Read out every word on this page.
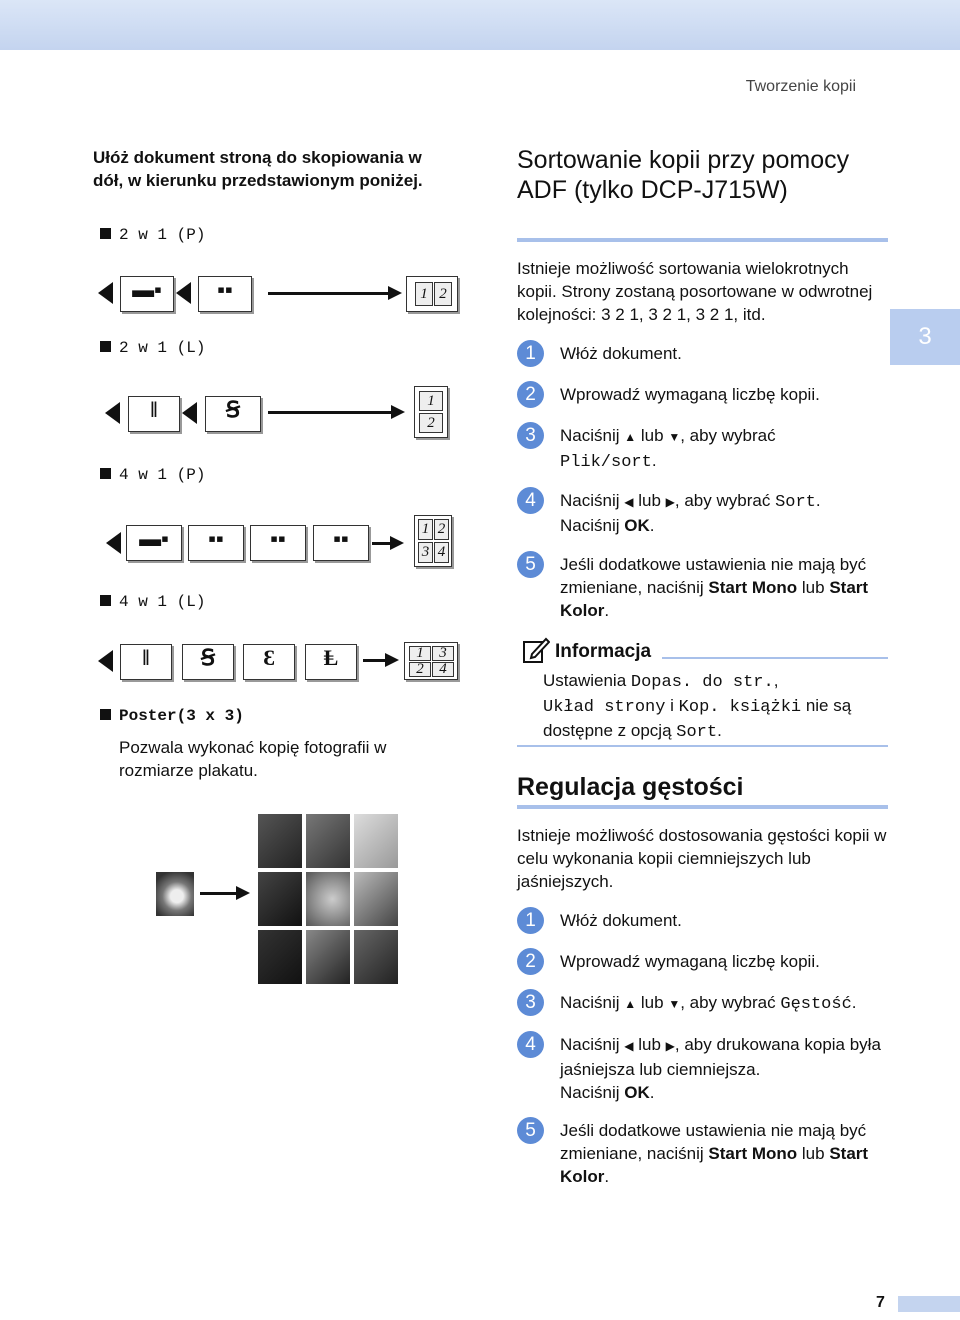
Tworzenie kopii
3
Ułóż dokument stroną do skopiowania w dół, w kierunku przedstawionym poniżej.
2 w 1 (P)
▬▪	▪▪	1 2
2 w 1 (L)
ǁ	Ꞩ	1
2
4 w 1 (P)
▬▪	▪▪	▪▪	▪▪	1 2
3 4
4 w 1 (L)
ǁ	Ꞩ	Ɛ	Ⱡ	1	3
2	4
Poster(3 x 3)
Pozwala wykonać kopię fotografii w rozmiarze plakatu.
Sortowanie kopii przy pomocy ADF (tylko DCP-J715W)
Istnieje możliwość sortowania wielokrotnych kopii. Strony zostaną posortowane w odwrotnej kolejności: 3 2 1, 3 2 1, 3 2 1, itd.
1	Włóż dokument.
2	Wprowadź wymaganą liczbę kopii.
3	Naciśnij ▲ lub ▼, aby wybrać
Plik/sort.
4	Naciśnij ◀ lub ▶, aby wybrać Sort.
Naciśnij OK.
5	Jeśli dodatkowe ustawienia nie mają być zmieniane, naciśnij Start Mono lub Start Kolor.
Informacja
Ustawienia Dopas. do str.,
Układ strony i Kop. książki nie są dostępne z opcją Sort.
Regulacja gęstości
Istnieje możliwość dostosowania gęstości kopii w celu wykonania kopii ciemniejszych lub jaśniejszych.
1	Włóż dokument.
2	Wprowadź wymaganą liczbę kopii.
3	Naciśnij ▲ lub ▼, aby wybrać Gęstość.
4	Naciśnij ◀ lub ▶, aby drukowana kopia była jaśniejsza lub ciemniejsza.
Naciśnij OK.
5	Jeśli dodatkowe ustawienia nie mają być zmieniane, naciśnij Start Mono lub Start Kolor.
7
